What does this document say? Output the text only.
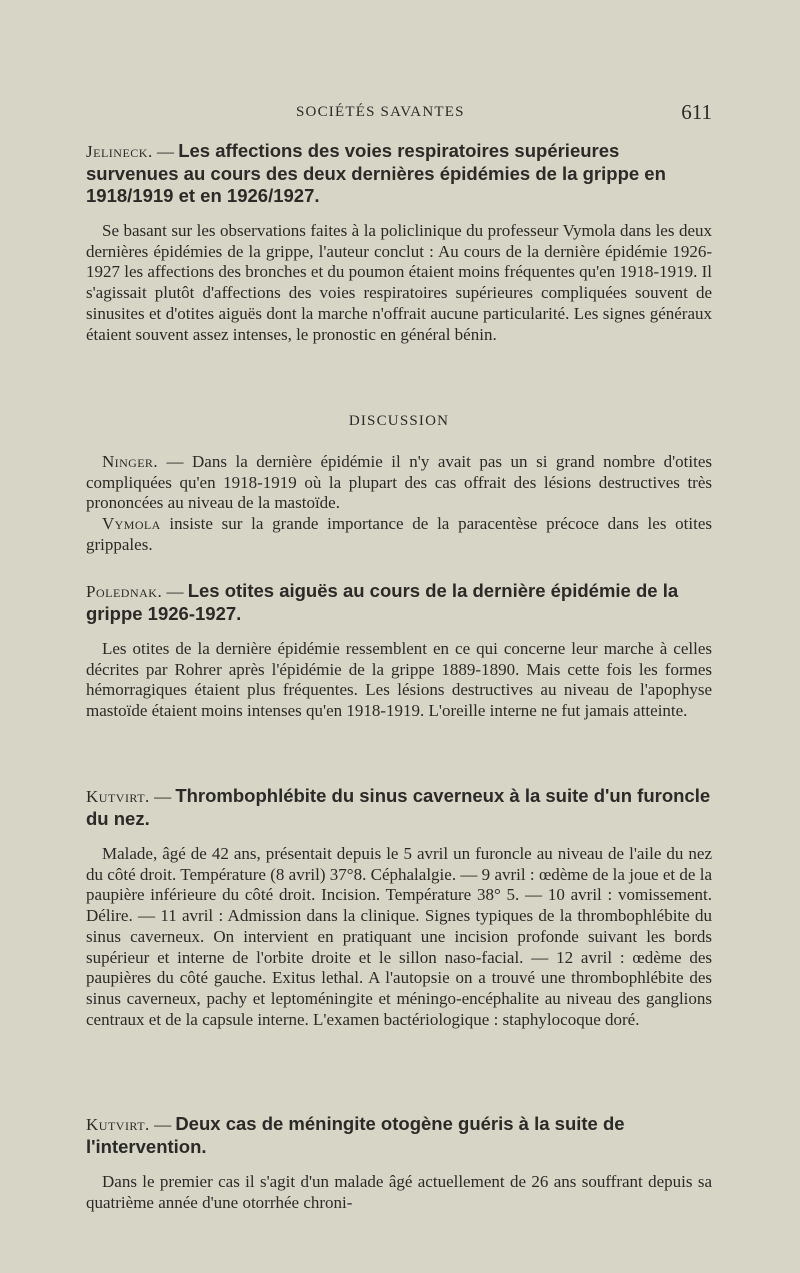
SOCIÉTÉS SAVANTES	611

Jelineck. — Les affections des voies respiratoires supérieures survenues au cours des deux dernières épidémies de la grippe en 1918/1919 et en 1926/1927.

Se basant sur les observations faites à la policlinique du professeur Vymola dans les deux dernières épidémies de la grippe, l'auteur conclut : Au cours de la dernière épidémie 1926-1927 les affections des bronches et du poumon étaient moins fréquentes qu'en 1918-1919. Il s'agissait plutôt d'affections des voies respiratoires supérieures compliquées souvent de sinusites et d'otites aiguës dont la marche n'offrait aucune particularité. Les signes généraux étaient souvent assez intenses, le pronostic en général bénin.

DISCUSSION

Ninger. — Dans la dernière épidémie il n'y avait pas un si grand nombre d'otites compliquées qu'en 1918-1919 où la plupart des cas offrait des lésions destructives très prononcées au niveau de la mastoïde.

Vymola insiste sur la grande importance de la paracentèse précoce dans les otites grippales.

Polednak. — Les otites aiguës au cours de la dernière épidémie de la grippe 1926-1927.

Les otites de la dernière épidémie ressemblent en ce qui concerne leur marche à celles décrites par Rohrer après l'épidémie de la grippe 1889-1890. Mais cette fois les formes hémorragiques étaient plus fréquentes. Les lésions destructives au niveau de l'apophyse mastoïde étaient moins intenses qu'en 1918-1919. L'oreille interne ne fut jamais atteinte.

Kutvirt. — Thrombophlébite du sinus caverneux à la suite d'un furoncle du nez.

Malade, âgé de 42 ans, présentait depuis le 5 avril un furoncle au niveau de l'aile du nez du côté droit. Température (8 avril) 37°8. Céphalalgie. — 9 avril : œdème de la joue et de la paupière inférieure du côté droit. Incision. Température 38° 5. — 10 avril : vomissement. Délire. — 11 avril : Admission dans la clinique. Signes typiques de la thrombophlébite du sinus caverneux. On intervient en pratiquant une incision profonde suivant les bords supérieur et interne de l'orbite droite et le sillon naso-facial. — 12 avril : œdème des paupières du côté gauche. Exitus lethal. A l'autopsie on a trouvé une thrombophlébite des sinus caverneux, pachy et leptoméningite et méningo-encéphalite au niveau des ganglions centraux et de la capsule interne. L'examen bactériologique : staphylocoque doré.

Kutvirt. — Deux cas de méningite otogène guéris à la suite de l'intervention.

Dans le premier cas il s'agit d'un malade âgé actuellement de 26 ans souffrant depuis sa quatrième année d'une otorrhée chroni-
